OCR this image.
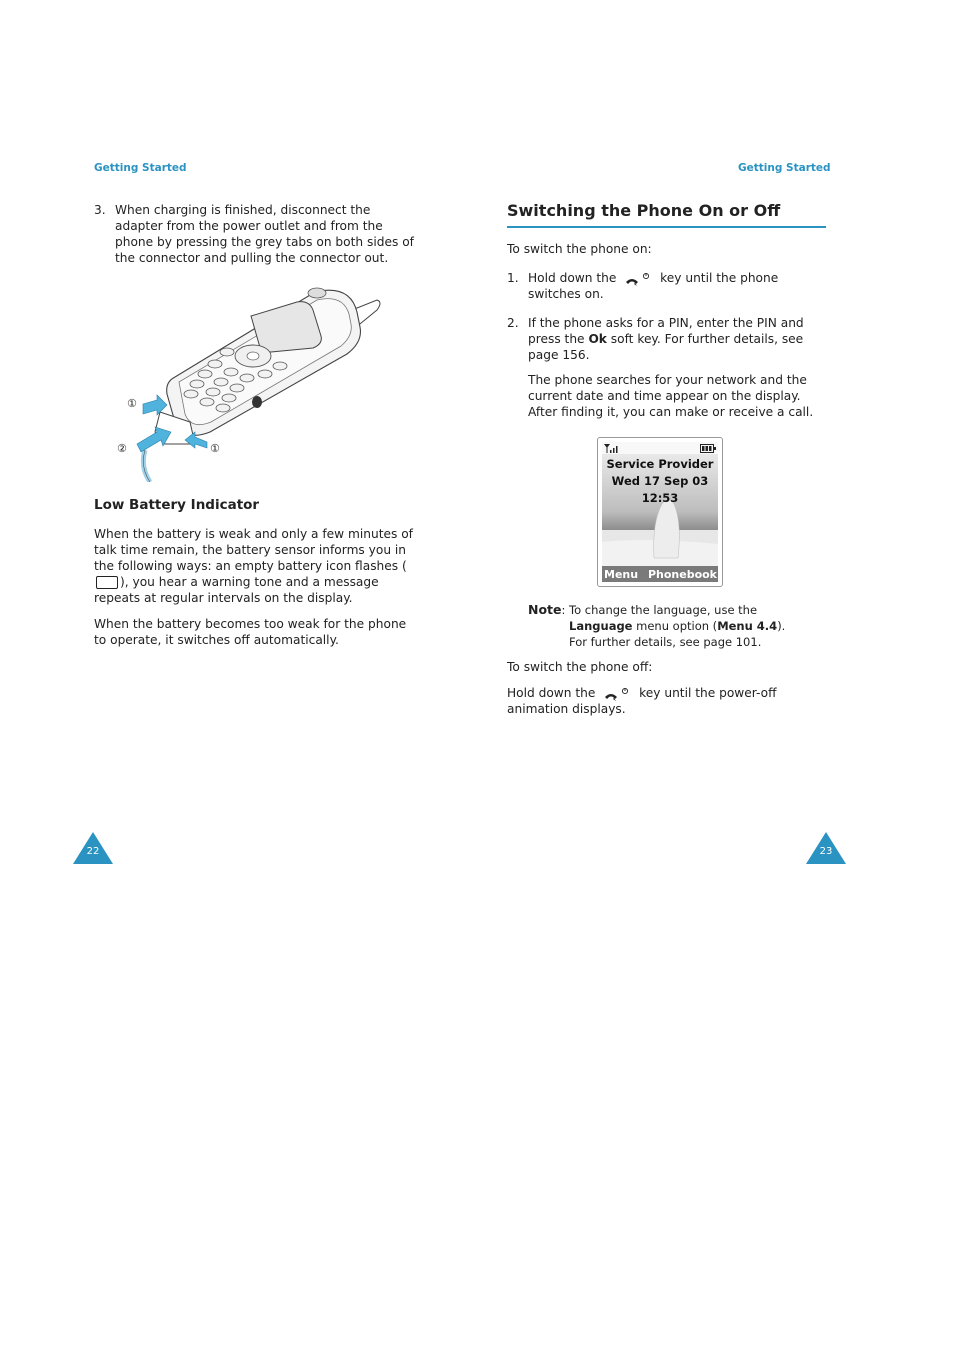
Getting Started	Getting Started
3. When charging is finished, disconnect the adapter from the power outlet and from the phone by pressing the grey tabs on both sides of the connector and pulling the connector out.

①
②	①
Low Battery Indicator

When the battery is weak and only a few minutes of talk time remain, the battery sensor informs you in the following ways: an empty battery icon flashes (), you hear a warning tone and a message repeats at regular intervals on the display.

When the battery becomes too weak for the phone to operate, it switches off automatically.

22
Switching the Phone On or Off

To switch the phone on:

1. Hold down the	key until the phone switches on.

2. If the phone asks for a PIN, enter the PIN and press the Ok soft key. For further details, see page 156.

The phone searches for your network and the current date and time appear on the display. After finding it, you can make or receive a call.

Service Provider
Wed 17 Sep 03
12:53
Menu Phonebook
Note: To change the language, use the
Language menu option (Menu 4.4).
For further details, see page 101.

To switch the phone off:

Hold down the	key until the power-off animation displays.

23
